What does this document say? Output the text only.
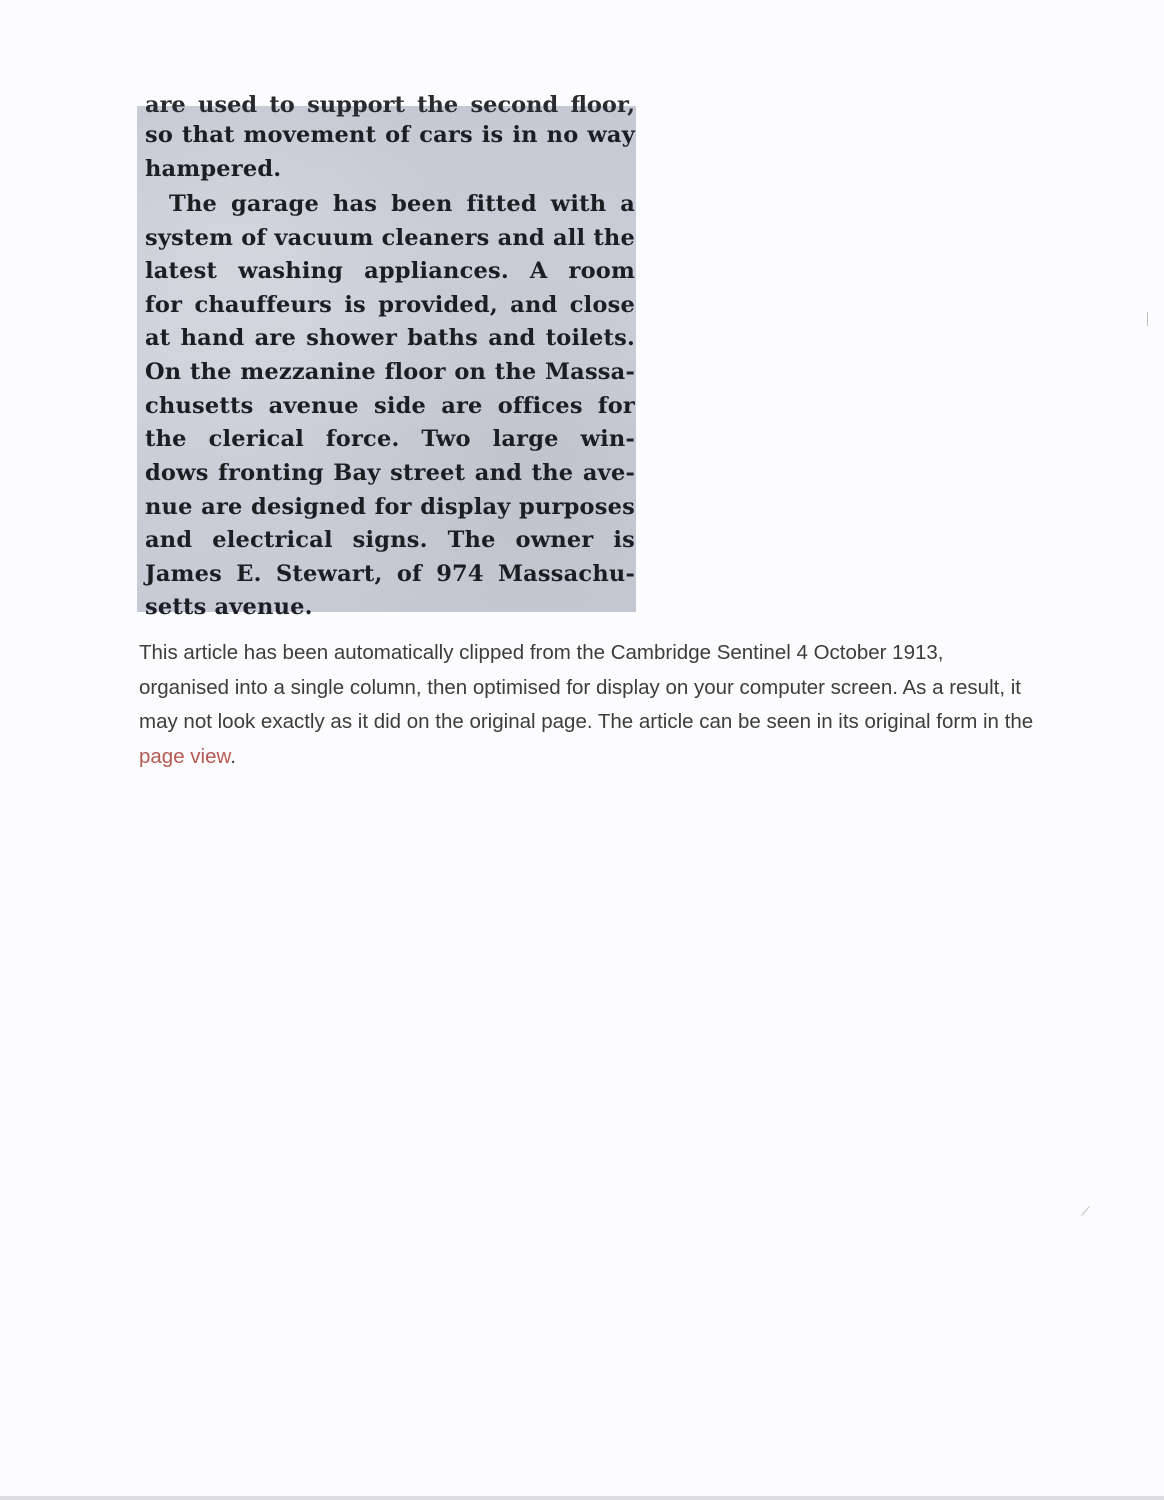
are used to support the second floor,
so that movement of cars is in no way
hampered.
The garage has been fitted with a
system of vacuum cleaners and all the
latest washing appliances. A room
for chauffeurs is provided, and close
at hand are shower baths and toilets.
On the mezzanine floor on the Massa-
chusetts avenue side are offices for
the clerical force. Two large win-
dows fronting Bay street and the ave-
nue are designed for display purposes
and electrical signs. The owner is
James E. Stewart, of 974 Massachu-
setts avenue.
This article has been automatically clipped from the Cambridge Sentinel 4 October 1913, organised into a single column, then optimised for display on your computer screen. As a result, it may not look exactly as it did on the original page. The article can be seen in its original form in the page view.
